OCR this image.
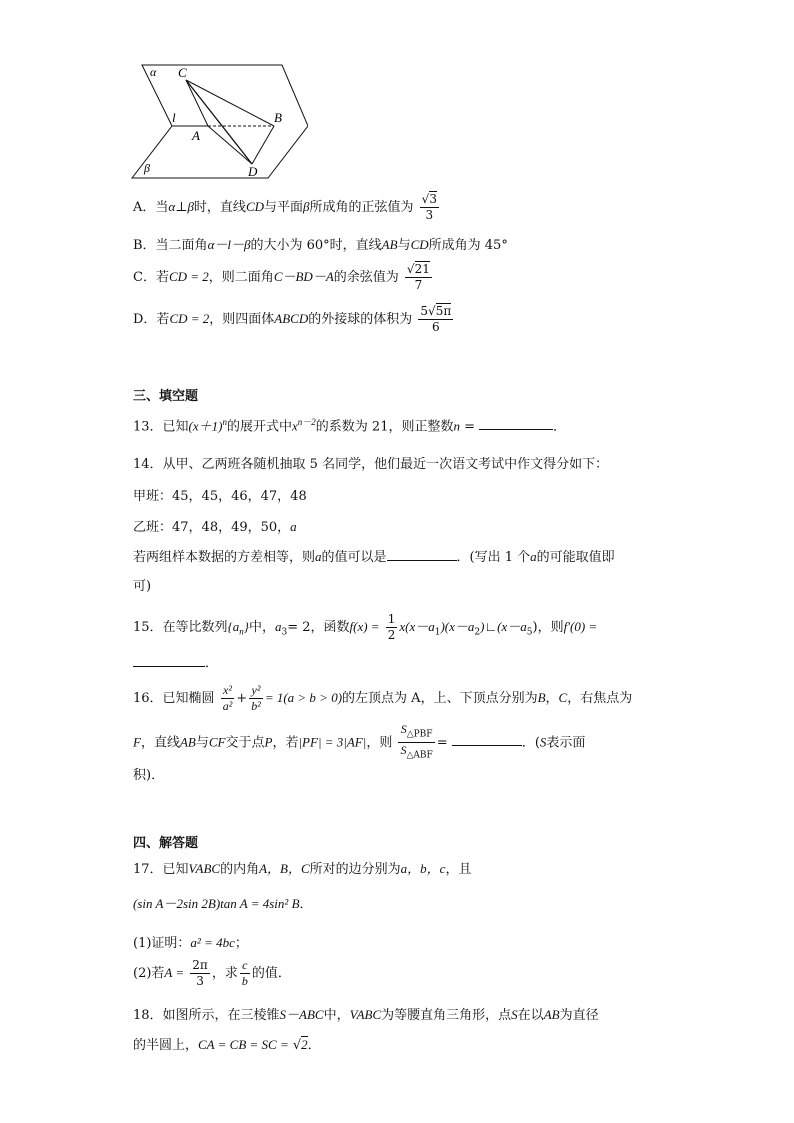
α C
l
A
B
D
β
A．当α⊥β时，直线CD与平面β所成角的正弦值为 $\frac{√3}{3}$
B．当二面角α－l－β的大小为 60°时，直线AB与CD所成角为 45°
C．若CD = 2，则二面角C－BD－A的余弦值为 $\frac{√21}{7}$
D．若CD = 2，则四面体ABCD的外接球的体积为 $\frac{5√5\pi}{6}$
三、填空题
13．已知$(x+1)^n$的展开式中$x^{n-2}$的系数为 21，则正整数n =	．
14．从甲、乙两班各随机抽取 5 名同学，他们最近一次语文考试中作文得分如下：
甲班：45，45，46，47，48
乙班：47，48，49，50，a
若两组样本数据的方差相等，则a的值可以是	．(写出 1 个a的可能取值即
可)
15．在等比数列$\{a_n\}$中，$a_3= 2$，函数$f(x) = \frac{1}{2}$ $x(x-a_1)(x-a_2)∟(x-a_5)$，则f′(0) =
．
16．已知椭圆 $\frac{\text{x²}}{\text{a²}} + \frac{\text{y²}}{\text{b²}} = 1(a > b > 0)$的左顶点为 A，上、下顶点分别为B，C，右焦点为
F，直线AB与CF交于点P，若|PF| = 3|AF|，则 $\frac{S_{\triangle PBF}}{S_{\triangle ABF}}$ =	．(S表示面
积)．
四、解答题
17．已知VABC的内角A，B，C所对的边分别为a，b，c，且
(sin A－2sin 2B)tan A = 4sin² B．
(1)证明：a² = 4bc；
(2)若$A = \frac{2\pi}{3}$ ，求 $\frac{c}{b}$ 的值．
18．如图所示，在三棱锥S－ABC中，VABC为等腰直角三角形，点S在以AB为直径
的半圆上，CA = CB = SC = √2．
